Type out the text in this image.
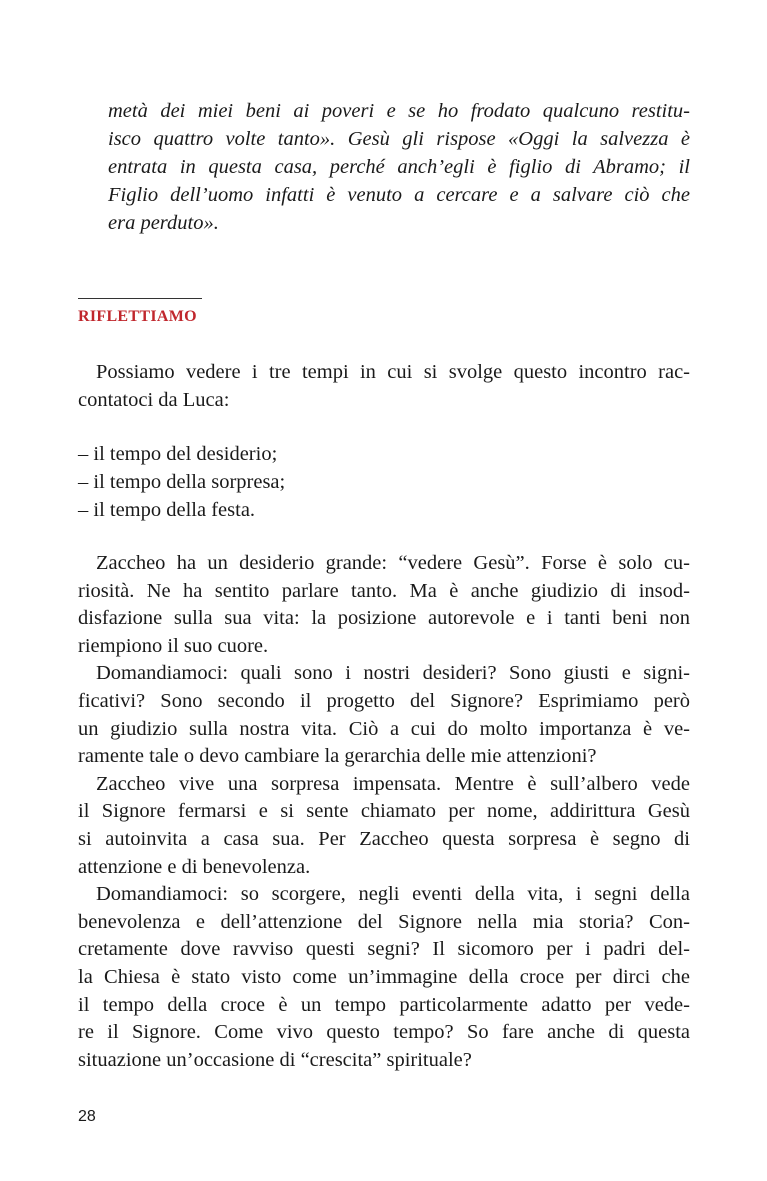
metà dei miei beni ai poveri e se ho frodato qualcuno restitu-
isco quattro volte tanto». Gesù gli rispose «Oggi la salvezza è
entrata in questa casa, perché anch’egli è figlio di Abramo; il
Figlio dell’uomo infatti è venuto a cercare e a salvare ciò che
era perduto».
RIFLETTIAMO
Possiamo vedere i tre tempi in cui si svolge questo incontro rac-
contatoci da Luca:
– il tempo del desiderio;
– il tempo della sorpresa;
– il tempo della festa.
Zaccheo ha un desiderio grande: “vedere Gesù”. Forse è solo cu-
riosità. Ne ha sentito parlare tanto. Ma è anche giudizio di insod-
disfazione sulla sua vita: la posizione autorevole e i tanti beni non
riempiono il suo cuore.
Domandiamoci: quali sono i nostri desideri? Sono giusti e signi-
ficativi? Sono secondo il progetto del Signore? Esprimiamo però
un giudizio sulla nostra vita. Ciò a cui do molto importanza è ve-
ramente tale o devo cambiare la gerarchia delle mie attenzioni?
Zaccheo vive una sorpresa impensata. Mentre è sull’albero vede
il Signore fermarsi e si sente chiamato per nome, addirittura Gesù
si autoinvita a casa sua. Per Zaccheo questa sorpresa è segno di
attenzione e di benevolenza.
Domandiamoci: so scorgere, negli eventi della vita, i segni della
benevolenza e dell’attenzione del Signore nella mia storia? Con-
cretamente dove ravviso questi segni? Il sicomoro per i padri del-
la Chiesa è stato visto come un’immagine della croce per dirci che
il tempo della croce è un tempo particolarmente adatto per vede-
re il Signore. Come vivo questo tempo? So fare anche di questa
situazione un’occasione di “crescita” spirituale?
28
